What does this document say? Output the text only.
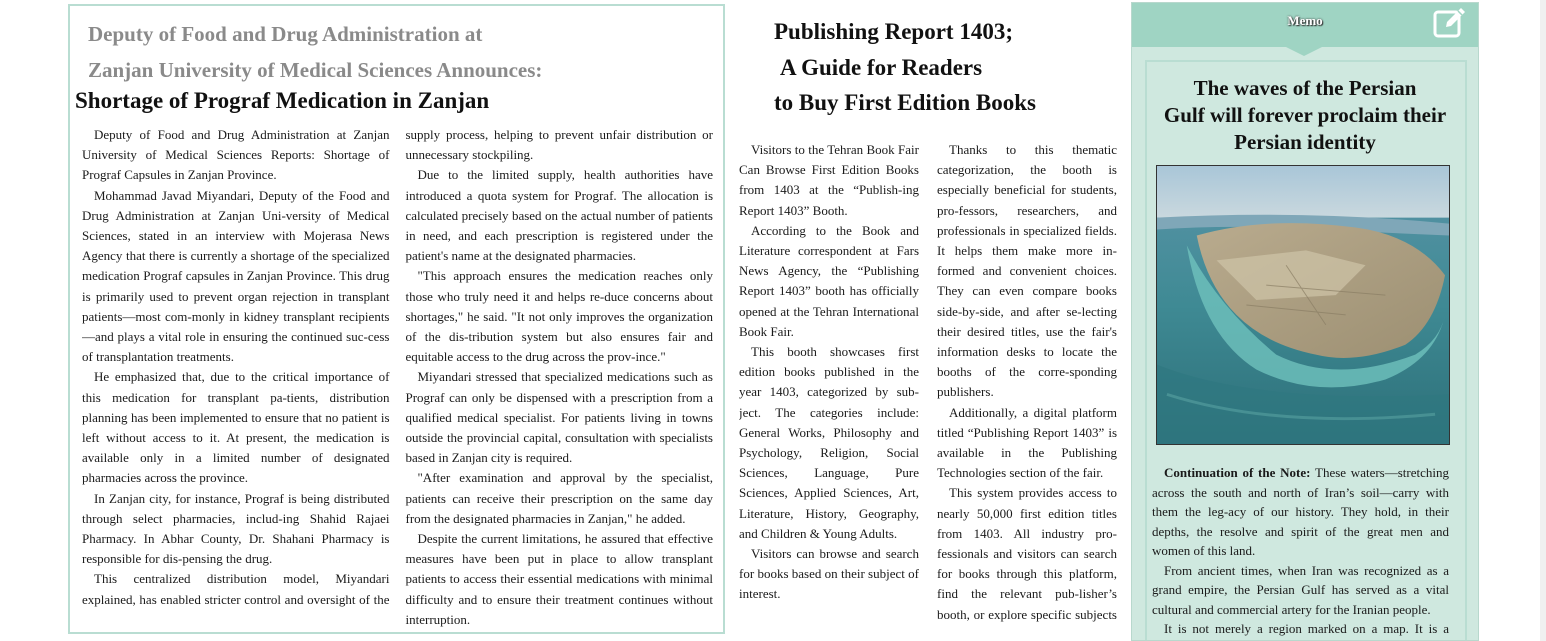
Deputy of Food and Drug Administration at
Zanjan University of Medical Sciences Announces:
Shortage of Prograf Medication in Zanjan

Deputy of Food and Drug Administration at Zanjan University of Medical Sciences Reports: Shortage of Prograf Capsules in Zanjan Province.

Mohammad Javad Miyandari, Deputy of the Food and Drug Administration at Zanjan Uni-versity of Medical Sciences, stated in an interview with Mojerasa News Agency that there is currently a shortage of the specialized medication Prograf capsules in Zanjan Province. This drug is primarily used to prevent organ rejection in transplant patients—most com-monly in kidney transplant recipients—and plays a vital role in ensuring the continued suc-cess of transplantation treatments.

He emphasized that, due to the critical importance of this medication for transplant pa-tients, distribution planning has been implemented to ensure that no patient is left without access to it. At present, the medication is available only in a limited number of designated pharmacies across the province.

In Zanjan city, for instance, Prograf is being distributed through select pharmacies, includ-ing Shahid Rajaei Pharmacy. In Abhar County, Dr. Shahani Pharmacy is responsible for dis-pensing the drug.

This centralized distribution model, Miyandari explained, has enabled stricter control and oversight of the supply process, helping to prevent unfair distribution or unnecessary stockpiling.

Due to the limited supply, health authorities have introduced a quota system for Prograf. The allocation is calculated precisely based on the actual number of patients in need, and each prescription is registered under the patient's name at the designated pharmacies.

"This approach ensures the medication reaches only those who truly need it and helps re-duce concerns about shortages," he said. "It not only improves the organization of the dis-tribution system but also ensures fair and equitable access to the drug across the prov-ince."

Miyandari stressed that specialized medications such as Prograf can only be dispensed with a prescription from a qualified medical specialist. For patients living in towns outside the provincial capital, consultation with specialists based in Zanjan city is required.

"After examination and approval by the specialist, patients can receive their prescription on the same day from the designated pharmacies in Zanjan," he added.

Despite the current limitations, he assured that effective measures have been put in place to allow transplant patients to access their essential medications with minimal difficulty and to ensure their treatment continues without interruption.

Publishing Report 1403;
A Guide for Readers
to Buy First Edition Books

Visitors to the Tehran Book Fair Can Browse First Edition Books from 1403 at the “Publish-ing Report 1403” Booth.

According to the Book and Literature correspondent at Fars News Agency, the “Publishing Report 1403” booth has officially opened at the Tehran International Book Fair.

This booth showcases first edition books published in the year 1403, categorized by sub-ject. The categories include: General Works, Philosophy and Psychology, Religion, Social Sciences, Language, Pure Sciences, Applied Sciences, Art, Literature, History, Geography, and Children & Young Adults.

Visitors can browse and search for books based on their subject of interest.

Thanks to this thematic categorization, the booth is especially beneficial for students, pro-fessors, researchers, and professionals in specialized fields. It helps them make more in-formed and convenient choices. They can even compare books side-by-side, and after se-lecting their desired titles, use the fair's information desks to locate the booths of the corre-sponding publishers.

Additionally, a digital platform titled “Publishing Report 1403” is available in the Publishing Technologies section of the fair.

This system provides access to nearly 50,000 first edition titles from 1403. All industry pro-fessionals and visitors can search for books through this platform, find the relevant pub-lisher’s booth, or explore specific subjects

Memo
The waves of the Persian
Gulf will forever proclaim their
Persian identity

Continuation of the Note: These waters—stretching across the south and north of Iran’s soil—carry with them the leg-acy of our history. They hold, in their depths, the resolve and spirit of the great men and women of this land.

From ancient times, when Iran was recognized as a grand empire, the Persian Gulf has served as a vital cultural and commercial artery for the Iranian people.

It is not merely a region marked on a map. It is a
